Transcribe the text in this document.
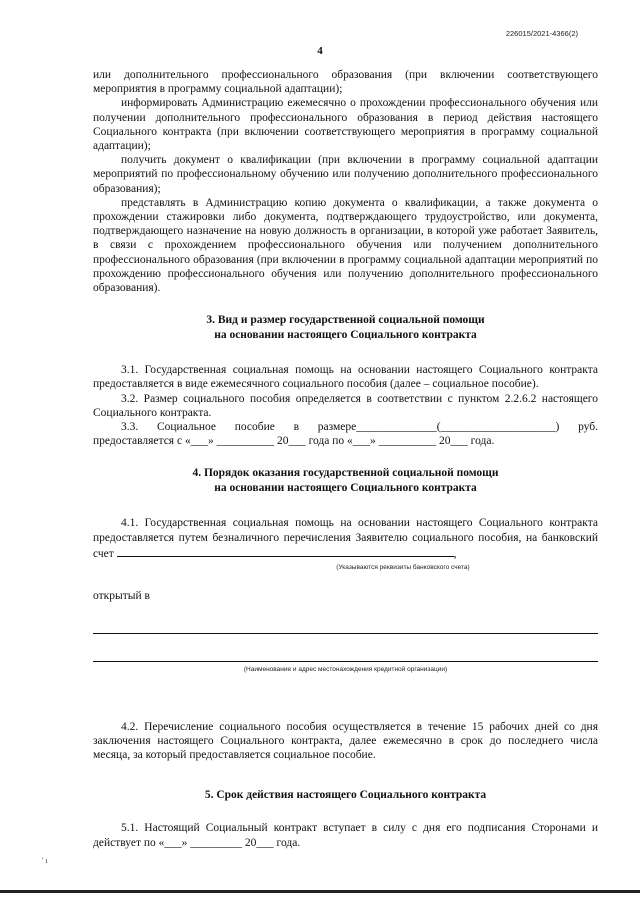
226015/2021-4366(2)
4

или дополнительного профессионального образования (при включении соответствующего мероприятия в программу социальной адаптации);

информировать Администрацию ежемесячно о прохождении профессионального обучения или получении дополнительного профессионального образования в период действия настоящего Социального контракта (при включении соответствующего мероприятия в программу социальной адаптации);

получить документ о квалификации (при включении в программу социальной адаптации мероприятий по профессиональному обучению или получению дополнительного профессионального образования);

представлять в Администрацию копию документа о квалификации, а также документа о прохождении стажировки либо документа, подтверждающего трудоустройство, или документа, подтверждающего назначение на новую должность в организации, в которой уже работает Заявитель, в связи с прохождением профессионального обучения или получением дополнительного профессионального образования (при включении в программу социальной адаптации мероприятий по прохождению профессионального обучения или получению дополнительного профессионального образования).

3. Вид и размер государственной социальной помощи
на основании настоящего Социального контракта

3.1. Государственная социальная помощь на основании настоящего Социального контракта предоставляется в виде ежемесячного социального пособия (далее – социальное пособие).

3.2. Размер социального пособия определяется в соответствии с пунктом 2.2.6.2 настоящего Социального контракта.

3.3. Социальное пособие в размере______________(____________________) руб.

предоставляется с «___» __________ 20___ года по «___» __________ 20___ года.

4. Порядок оказания государственной социальной помощи
на основании настоящего Социального контракта

4.1. Государственная социальная помощь на основании настоящего Социального контракта предоставляется путем безналичного перечисления Заявителю социального пособия, на банковский счет	,

(Указываются реквизиты банковского счета)

открытый в

(Наименование и адрес местонахождения кредитной организации)

4.2. Перечисление социального пособия осуществляется в течение 15 рабочих дней со дня заключения настоящего Социального контракта, далее ежемесячно в срок до последнего числа месяца, за который предоставляется социальное пособие.

5. Срок действия настоящего Социального контракта

5.1. Настоящий Социальный контракт вступает в силу с дня его подписания Сторонами и действует по «___» _________ 20___ года.

' ı
